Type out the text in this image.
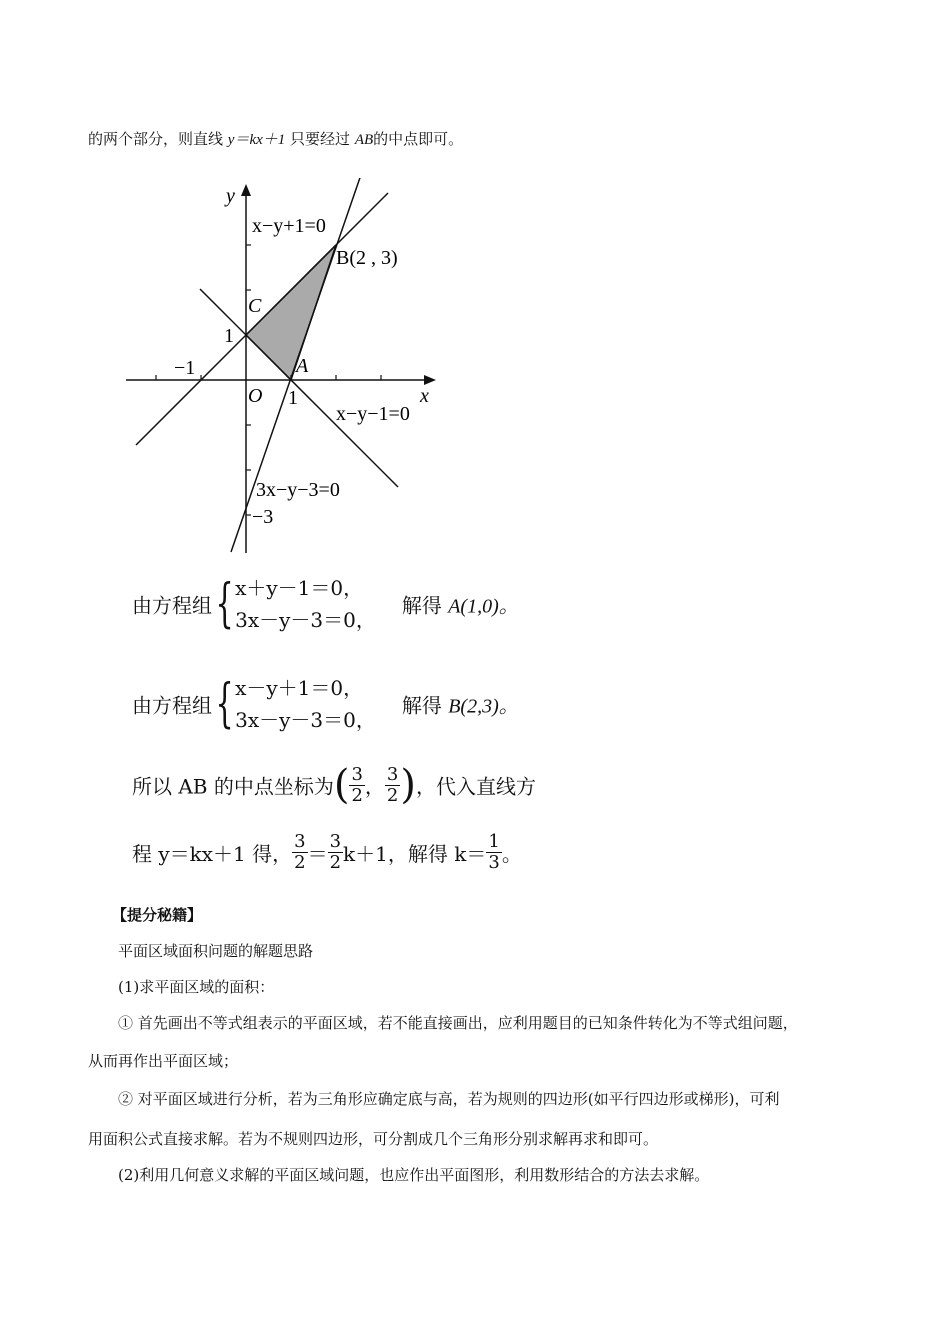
的两个部分，则直线 y＝kx＋1 只要经过 AB的中点即可。
y
x
O
1
1
−1
−3
A
B(2 , 3)
C
x−y+1=0
x−y−1=0
3x−y−3=0
由方程组{ x＋y－1＝0，
3x－y－3＝0，
解得 A(1,0)。
由方程组{ x－y＋1＝0，
3x－y－3＝0，
解得 B(2,3)。
所以 AB 的中点坐标为( $\frac{3}{2}$ ， $\frac{3}{2}$ )，代入直线方
程 y＝kx＋1 得， $\frac{3}{2} = \frac{3}{2} k+1$，解得 $k= \frac{1}{3}$ 。
【提分秘籍】
平面区域面积问题的解题思路
(1)求平面区域的面积：
① 首先画出不等式组表示的平面区域，若不能直接画出，应利用题目的已知条件转化为不等式组问题，
从而再作出平面区域；
② 对平面区域进行分析，若为三角形应确定底与高，若为规则的四边形(如平行四边形或梯形)，可利
用面积公式直接求解。若为不规则四边形，可分割成几个三角形分别求解再求和即可。
(2)利用几何意义求解的平面区域问题，也应作出平面图形，利用数形结合的方法去求解。
